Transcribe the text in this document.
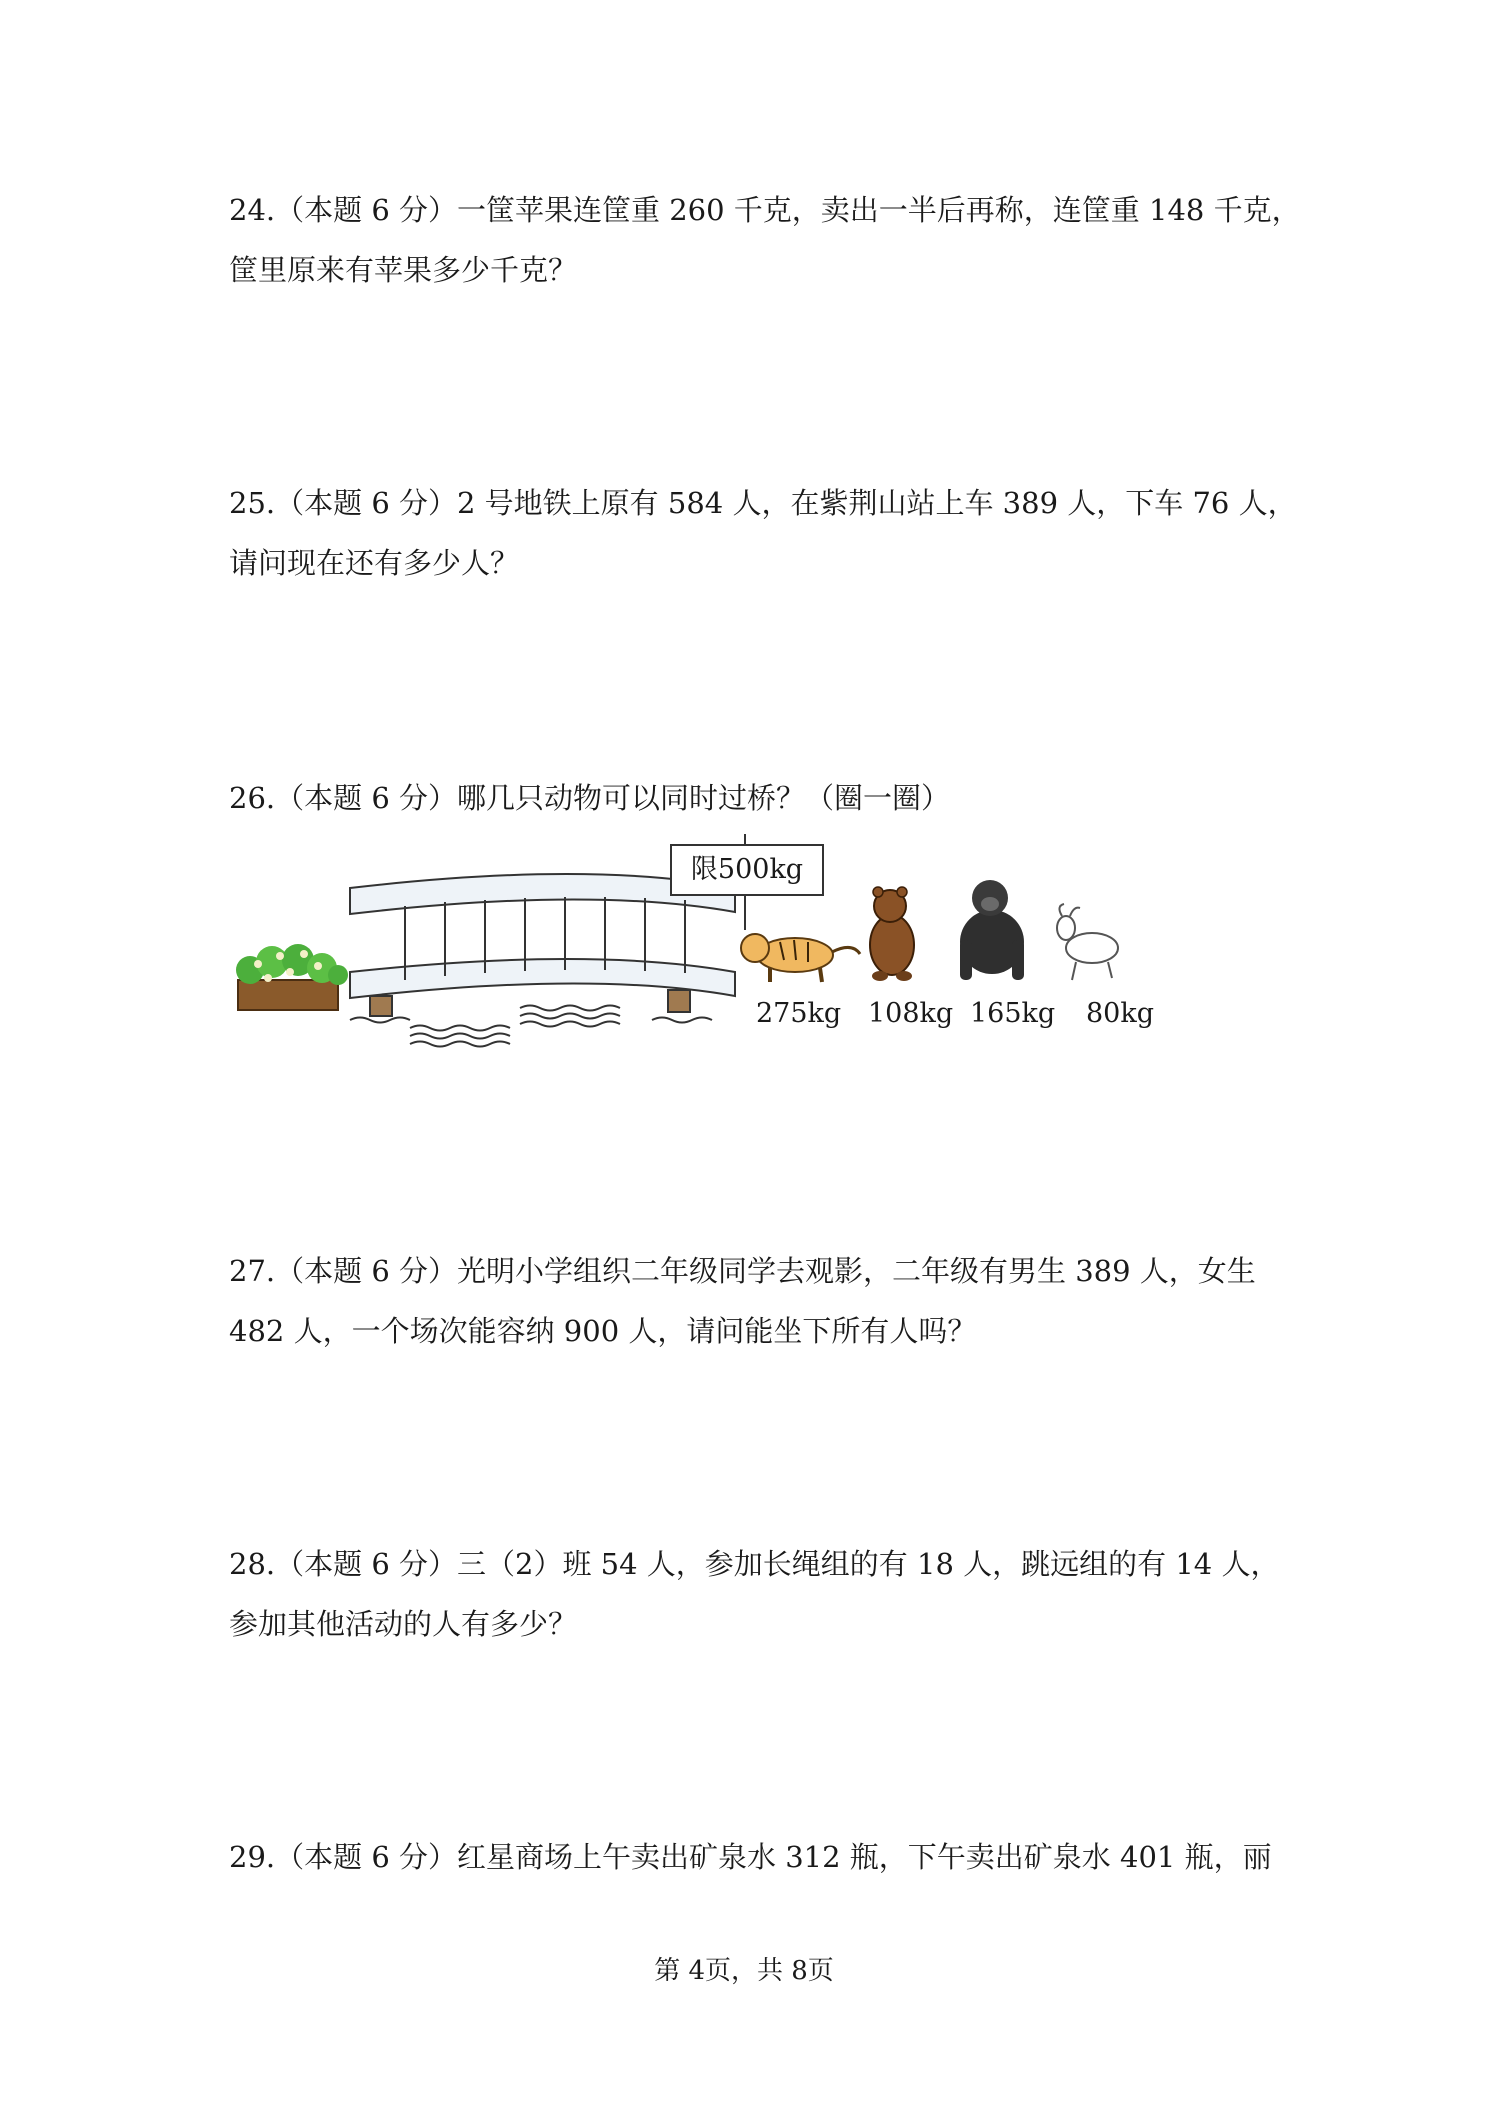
24.（本题 6 分）一筐苹果连筐重 260 千克，卖出一半后再称，连筐重 148 千克，
筐里原来有苹果多少千克？
25.（本题 6 分）2 号地铁上原有 584 人，在紫荆山站上车 389 人，下车 76 人，
请问现在还有多少人？
26.（本题 6 分）哪几只动物可以同时过桥？（圈一圈）
限500kg
275kg 108kg 165kg 80kg
27.（本题 6 分）光明小学组织二年级同学去观影，二年级有男生 389 人，女生
482 人，一个场次能容纳 900 人，请问能坐下所有人吗？
28.（本题 6 分）三（2）班 54 人，参加长绳组的有 18 人，跳远组的有 14 人，
参加其他活动的人有多少？
29.（本题 6 分）红星商场上午卖出矿泉水 312 瓶，下午卖出矿泉水 401 瓶，丽
第 4页，共 8页
